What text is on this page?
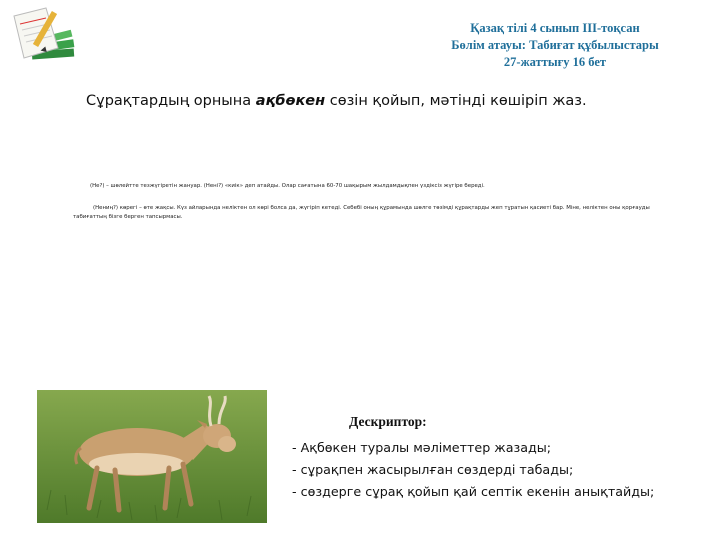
Қазақ тілі 4 сынып ІІІ-тоқсан
Бөлім атауы: Табиғат құбылыстары
27-жаттығу 16 бет
Сұрақтардың орнына ақбөкен сөзін қойып, мәтінді көшіріп жаз.
(Не?) – шөлейтте тезжүгіретін жануар. (Нені?) «киік» деп атайды. Олар сағатына 60-70 шақырым жылдамдықпен үздіксіз жүгіре береді.
(Нениң?) көрегі – өте жақсы. Күз айларында неліктен ол көрі болса да, жүгіріп кетеді. Себебі оның құрамында шөлге төзімді құрақтарды жеп тұратын қасиеті бар. Міне, неліктен оны қорғауды табиғаттың бізге берген тапсырмасы.
Дескриптор:
- Ақбөкен туралы мәліметтер жазады;
- сұрақпен жасырылған сөздерді табады;
- сөздерге сұрақ қойып қай септік екенін анықтайды;
